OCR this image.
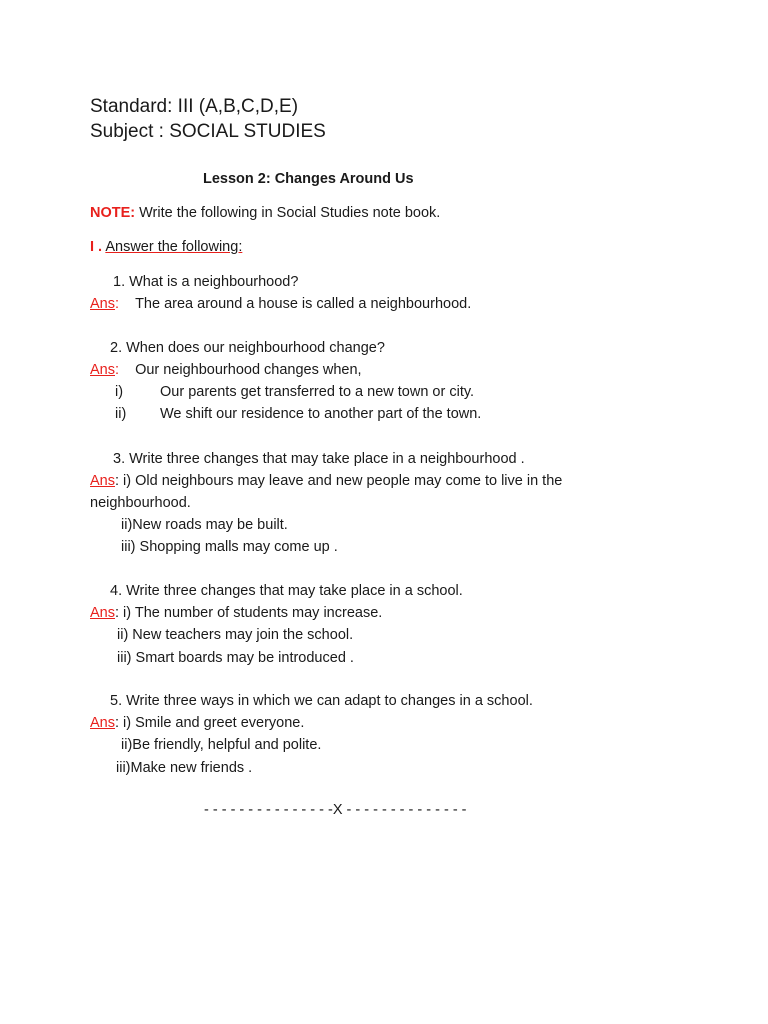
Standard: III (A,B,C,D,E)
Subject : SOCIAL STUDIES
Lesson 2: Changes Around Us
NOTE: Write the following in Social Studies note book.
I . Answer the following:
1. What is a neighbourhood?
Ans: The area around a house is called a neighbourhood.
2. When does our neighbourhood change?
Ans: Our neighbourhood changes when,
i)	Our parents get transferred to a new town or city.
ii) We shift our residence to another part of the town.
3. Write three changes that may take place in a neighbourhood .
Ans: i) Old neighbours may leave and new people may come to live in the
neighbourhood.
ii)New roads may be built.
iii) Shopping malls may come up .
4. Write three changes that may take place in a school.
Ans: i) The number of students may increase.
ii) New teachers may join the school.
iii) Smart boards may be introduced .
5. Write three ways in which we can adapt to changes in a school.
Ans: i) Smile and greet everyone.
ii)Be friendly, helpful and polite.
iii)Make new friends .
- - - - - - - - - - - - - - -X - - - - - - - - - - - - - -
